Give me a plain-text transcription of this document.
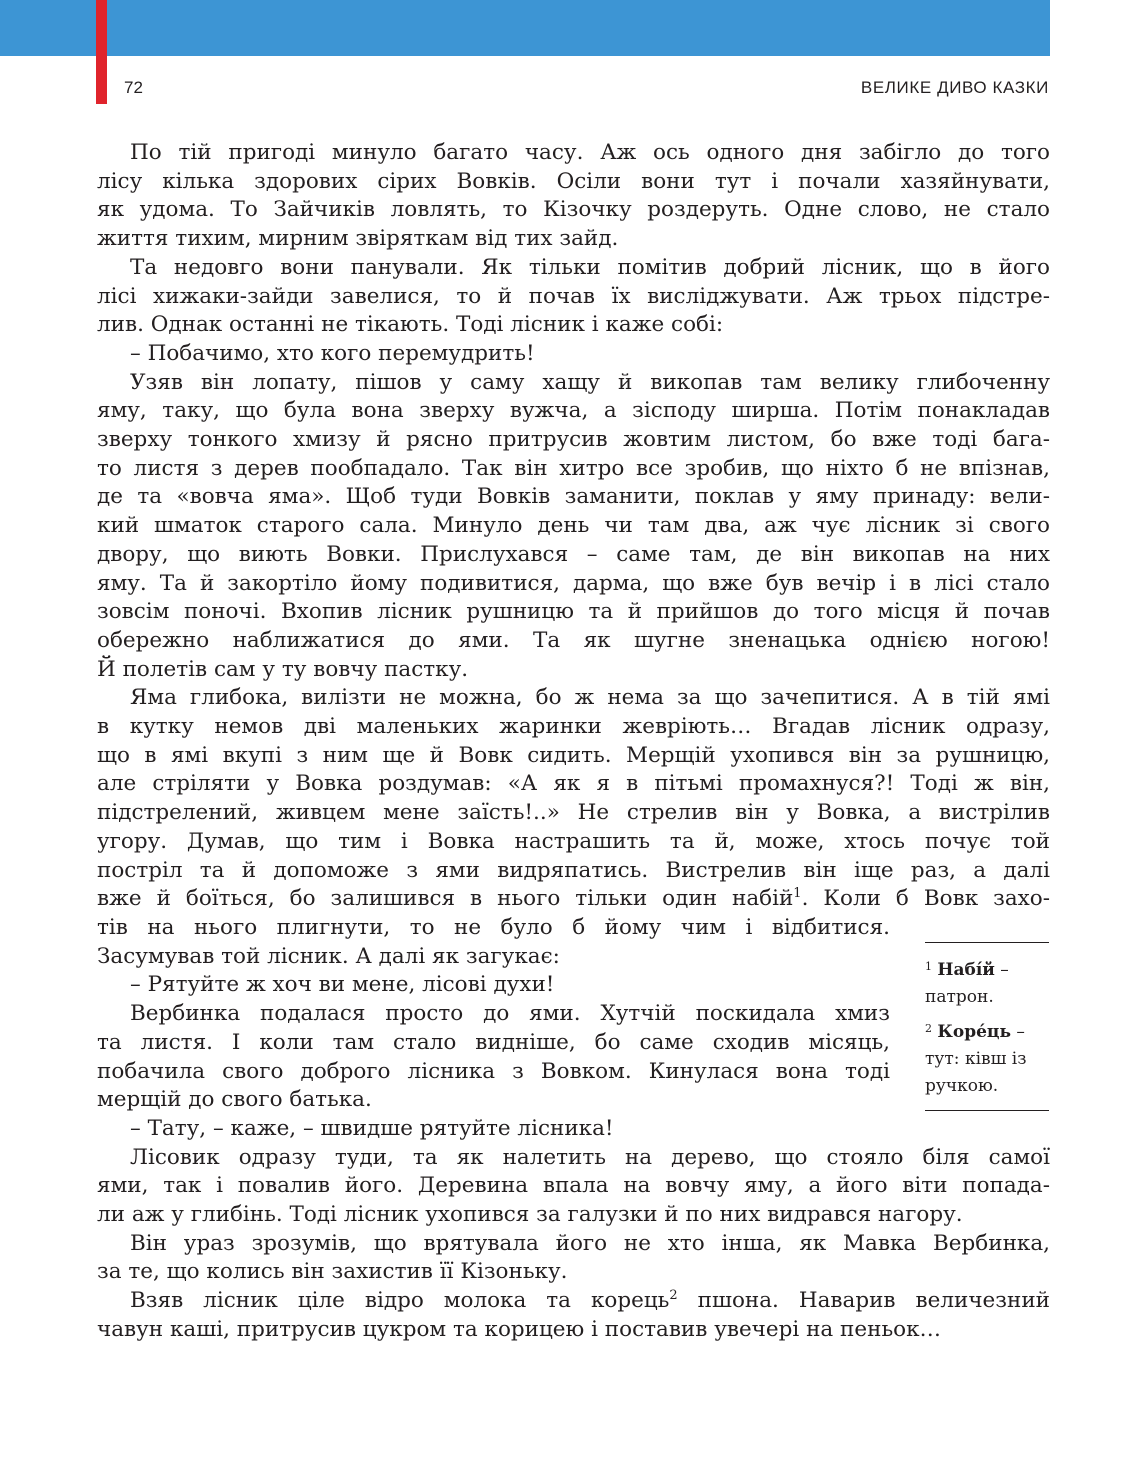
72	ВЕЛИКЕ ДИВО КАЗКИ

По тій пригоді минуло багато часу. Аж ось одного дня забігло до того
лісу кілька здорових сірих Вовків. Осіли вони тут і почали хазяйнувати,
як удома. То Зайчиків ловлять, то Кізочку роздеруть. Одне слово, не стало
життя тихим, мирним звіряткам від тих зайд.

Та недовго вони панували. Як тільки помітив добрий лісник, що в його
лісі хижаки-зайди завелися, то й почав їх вислiджувати. Аж трьох підстре-
лив. Однак останні не тікають. Тоді лісник і каже собі:

– Побачимо, хто кого перемудрить!

Узяв він лопату, пішов у саму хащу й викопав там велику глибоченну
яму, таку, що була вона зверху вужча, а зісподу ширша. Потім понакладав
зверху тонкого хмизу й рясно притрусив жовтим листом, бо вже тоді бага-
то листя з дерев пообпадало. Так він хитро все зробив, що ніхто б не впізнав,
де та «вовча яма». Щоб туди Вовків заманити, поклав у яму принаду: вели-
кий шматок старого сала. Минуло день чи там два, аж чує лісник зі свого
двору, що виють Вовки. Прислухався – саме там, де він викопав на них
яму. Та й закортіло йому подивитися, дарма, що вже був вечір і в лісі стало
зовсім поночі. Вхопив лісник рушницю та й прийшов до того місця й почав
обережно наближатися до ями. Та як шугне зненацька однією ногою!
Й полетів сам у ту вовчу пастку.

Яма глибока, вилізти не можна, бо ж нема за що зачепитися. А в тій ямі
в кутку немов дві маленьких жаринки жевріють… Вгадав лісник одразу,
що в ямі вкупі з ним ще й Вовк сидить. Мерщій ухопився він за рушницю,
але стріляти у Вовка роздумав: «А як я в пітьмі промахнуся?! Тоді ж він,
підстрелений, живцем мене заїсть!..» Не стрелив він у Вовка, а вистрілив
угору. Думав, що тим і Вовка настрашить та й, може, хтось почує той
постріл та й допоможе з ями видряпатись. Вистрелив він іще раз, а далі
вже й боїться, бо залишився в нього тільки один набій$^1$. Коли б Вовк захо-
тів на нього плигнути, то не було б йому чим і відбитися.
Засумував той лісник. А далі як загукає:

– Рятуйте ж хоч ви мене, лісові духи!

Вербинка подалася просто до ями. Хутчій поскидала хмиз
та листя. І коли там стало видніше, бо саме сходив місяць,
побачила свого доброго лісника з Вовком. Кинулася вона тоді
мерщій до свого батька.

– Тату, – каже, – швидше рятуйте лісника!

Лісовик одразу туди, та як налетить на дерево, що стояло біля самої
ями, так і повалив його. Деревина впала на вовчу яму, а його віти попада-
ли аж у глибінь. Тоді лісник ухопився за галузки й по них видрався нагору.

Він ураз зрозумів, що врятувала його не хто інша, як Мавка Вербинка,
за те, що колись він захистив її Кізоньку.

Взяв лісник ціле відро молока та корець$^2$ пшона. Наварив величезний
чавун каші, притрусив цукром та корицею і поставив увечері на пеньок…

$^1$ Набі́й –
патрон.
$^2$ Коре́ць –
тут: ківш із ручкою.
